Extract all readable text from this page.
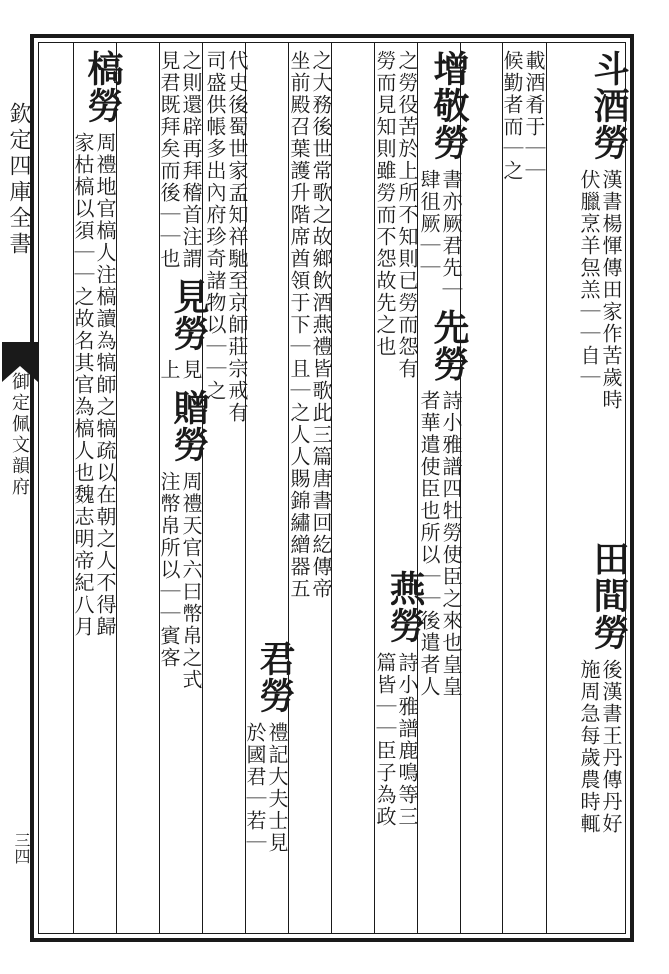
欽定四庫全書
御定佩文韻府
三四
斗酒勞
漢書楊惲傳田家作苦歲時
伏臘烹羊炰羔｜｜自｜
載酒肴于｜｜
候勤者而｜之
田間勞
後漢書王丹傳丹好
施周急每歲農時輒
增敬勞
書亦厥君先｜
肆徂厥｜｜
先勞
詩小雅譜四牡勞使臣之來也皇皇
者華遣使臣也所以｜｜後遣者人
之勞役苦於上所不知則已勞而怨有
勞而見知則雖勞而不怨故先之也
燕勞
詩小雅譜鹿鳴等三
篇皆｜｜臣子為政
之大務後世常歌之故鄉飲酒燕禮皆歌此三篇唐書回紇傳帝
坐前殿召葉護升階席酋領于下｜且｜之人人賜錦繡繒器五
代史後蜀世家孟知祥馳至京師莊宗戒有
司盛供帳多出內府珍奇諸物以｜｜之
君勞
禮記大夫士見
於國君｜若｜
之則還辟再拜稽首注謂
見君既拜矣而後｜｜也
見勞
見
上
贈勞
周禮天官六曰幣帛之式
注幣帛所以｜｜賓客
槁勞
周禮地官槁人注槁讀為犒師之犒疏以在朝之人不得歸
家枯槁以須｜｜之故名其官為槁人也魏志明帝紀八月
